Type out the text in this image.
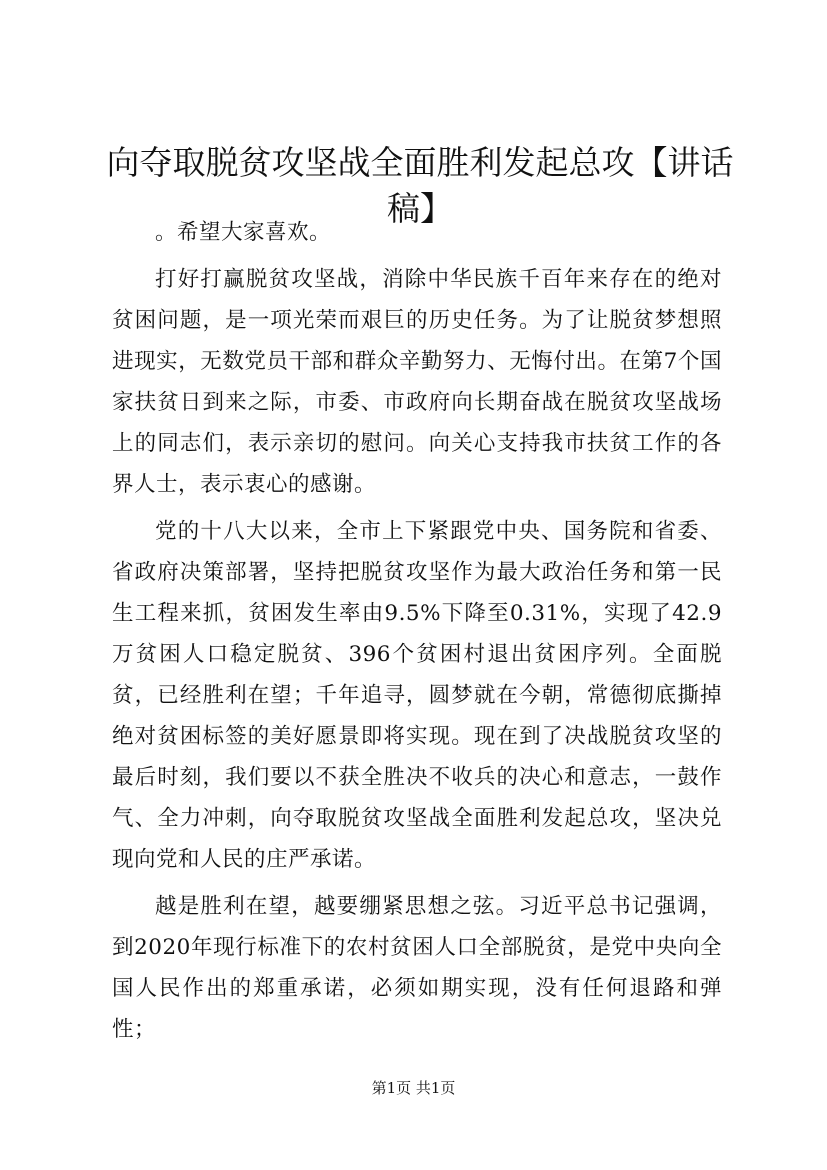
向夺取脱贫攻坚战全面胜利发起总攻【讲话稿】

。希望大家喜欢。

打好打赢脱贫攻坚战，消除中华民族千百年来存在的绝对贫困问题，是一项光荣而艰巨的历史任务。为了让脱贫梦想照进现实，无数党员干部和群众辛勤努力、无悔付出。在第7个国家扶贫日到来之际，市委、市政府向长期奋战在脱贫攻坚战场上的同志们，表示亲切的慰问。向关心支持我市扶贫工作的各界人士，表示衷心的感谢。

党的十八大以来，全市上下紧跟党中央、国务院和省委、省政府决策部署，坚持把脱贫攻坚作为最大政治任务和第一民生工程来抓，贫困发生率由9.5%下降至0.31%，实现了42.9万贫困人口稳定脱贫、396个贫困村退出贫困序列。全面脱贫，已经胜利在望；千年追寻，圆梦就在今朝，常德彻底撕掉绝对贫困标签的美好愿景即将实现。现在到了决战脱贫攻坚的最后时刻，我们要以不获全胜决不收兵的决心和意志，一鼓作气、全力冲刺，向夺取脱贫攻坚战全面胜利发起总攻，坚决兑现向党和人民的庄严承诺。

越是胜利在望，越要绷紧思想之弦。习近平总书记强调，到2020年现行标准下的农村贫困人口全部脱贫，是党中央向全国人民作出的郑重承诺，必须如期实现，没有任何退路和弹性；

第1页 共1页
